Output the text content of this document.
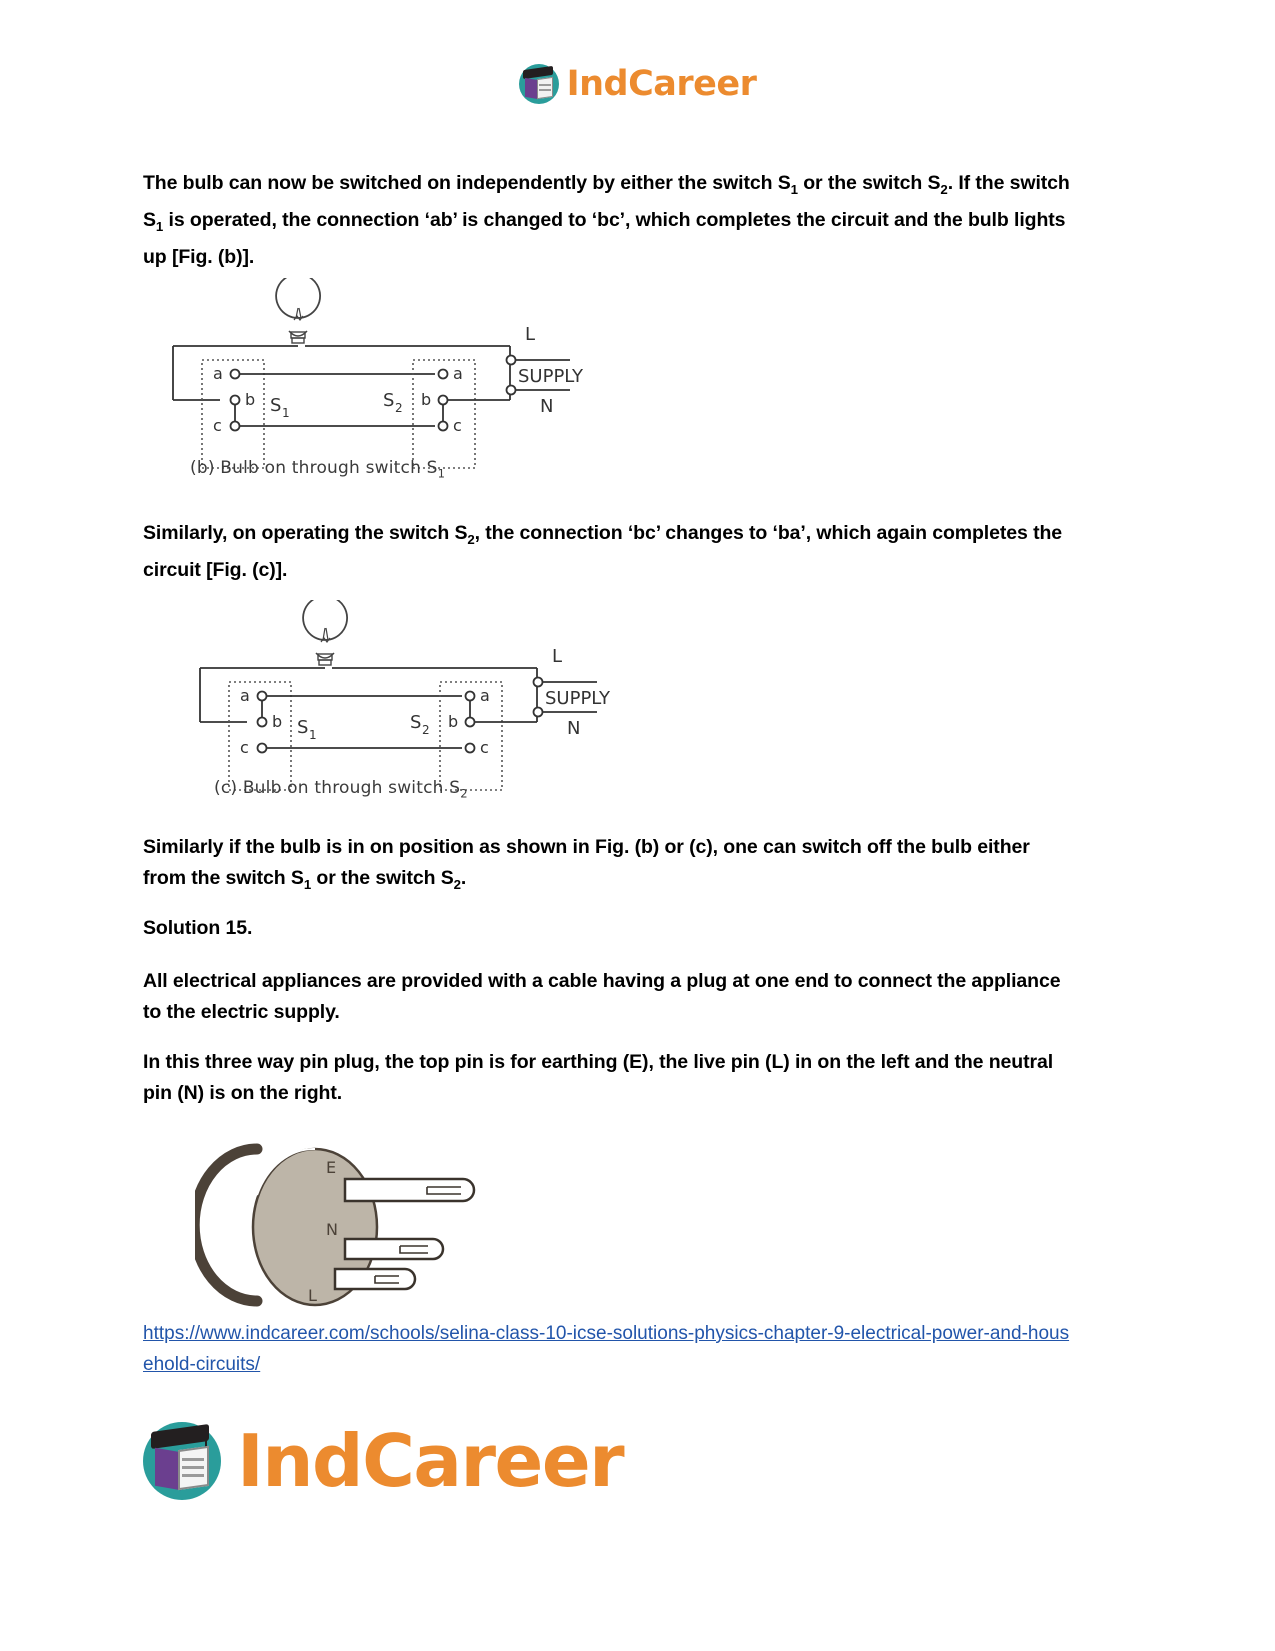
IndCareer

The bulb can now be switched on independently by either the switch $S_1$ or the switch $S_2$. If the switch $S_1$ is operated, the connection ‘ab’ is changed to ‘bc’, which completes the circuit and the bulb lights up [Fig. (b)].

a
b
c
a
b
c
S 1
S 2
L
SUPPLY
N
(b) Bulb on through switch $S_1$

Similarly, on operating the switch $S_2$, the connection ‘bc’ changes to ‘ba’, which again completes the circuit [Fig. (c)].

a
b
c
a
b
c
S 1
S 2
L
SUPPLY
N
(c) Bulb on through switch $S_2$

Similarly if the bulb is in on position as shown in Fig. (b) or (c), one can switch off the bulb either from the switch $S_1$ or the switch $S_2$.

Solution 15.

All electrical appliances are provided with a cable having a plug at one end to connect the appliance to the electric supply.

In this three way pin plug, the top pin is for earthing (E), the live pin (L) in on the left and the neutral pin (N) is on the right.

E
N
L
https://www.indcareer.com/schools/selina-class-10-icse-solutions-physics-chapter-9-electrical-power-and-household-circuits/
IndCareer
